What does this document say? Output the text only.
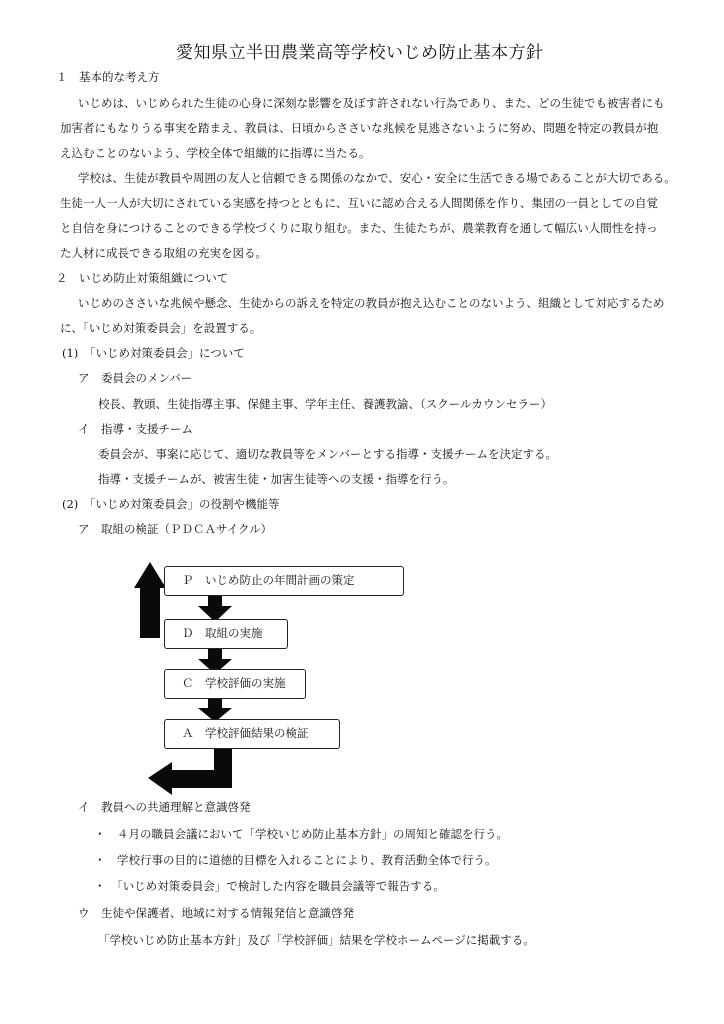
愛知県立半田農業高等学校いじめ防止基本方針
１　基本的な考え方
いじめは、いじめられた生徒の心身に深刻な影響を及ぼす許されない行為であり、また、どの生徒でも被害者にも
加害者にもなりうる事実を踏まえ、教員は、日頃からささいな兆候を見逃さないように努め、問題を特定の教員が抱
え込むことのないよう、学校全体で組織的に指導に当たる。
学校は、生徒が教員や周囲の友人と信頼できる関係のなかで、安心・安全に生活できる場であることが大切である。
生徒一人一人が大切にされている実感を持つとともに、互いに認め合える人間関係を作り、集団の一員としての自覚
と自信を身につけることのできる学校づくりに取り組む。また、生徒たちが、農業教育を通して幅広い人間性を持っ
た人材に成長できる取組の充実を図る。
２　いじめ防止対策組織について
いじめのささいな兆候や懸念、生徒からの訴えを特定の教員が抱え込むことのないよう、組織として対応するため
に、「いじめ対策委員会」を設置する。
(1)　「いじめ対策委員会」について
ア　委員会のメンバー
校長、教頭、生徒指導主事、保健主事、学年主任、養護教諭、（スクールカウンセラー）
イ　指導・支援チーム
委員会が、事案に応じて、適切な教員等をメンバーとする指導・支援チームを決定する。
指導・支援チームが、被害生徒・加害生徒等への支援・指導を行う。
(2)　「いじめ対策委員会」の役割や機能等
ア　取組の検証（ＰＤＣＡサイクル）
Ｐ　いじめ防止の年間計画の策定
Ｄ　取組の実施
Ｃ　学校評価の実施
Ａ　学校評価結果の検証
イ　教員への共通理解と意識啓発
・　４月の職員会議において「学校いじめ防止基本方針」の周知と確認を行う。
・　学校行事の目的に道徳的目標を入れることにより、教育活動全体で行う。
・　「いじめ対策委員会」で検討した内容を職員会議等で報告する。
ウ　生徒や保護者、地域に対する情報発信と意識啓発
「学校いじめ防止基本方針」及び「学校評価」結果を学校ホームページに掲載する。
